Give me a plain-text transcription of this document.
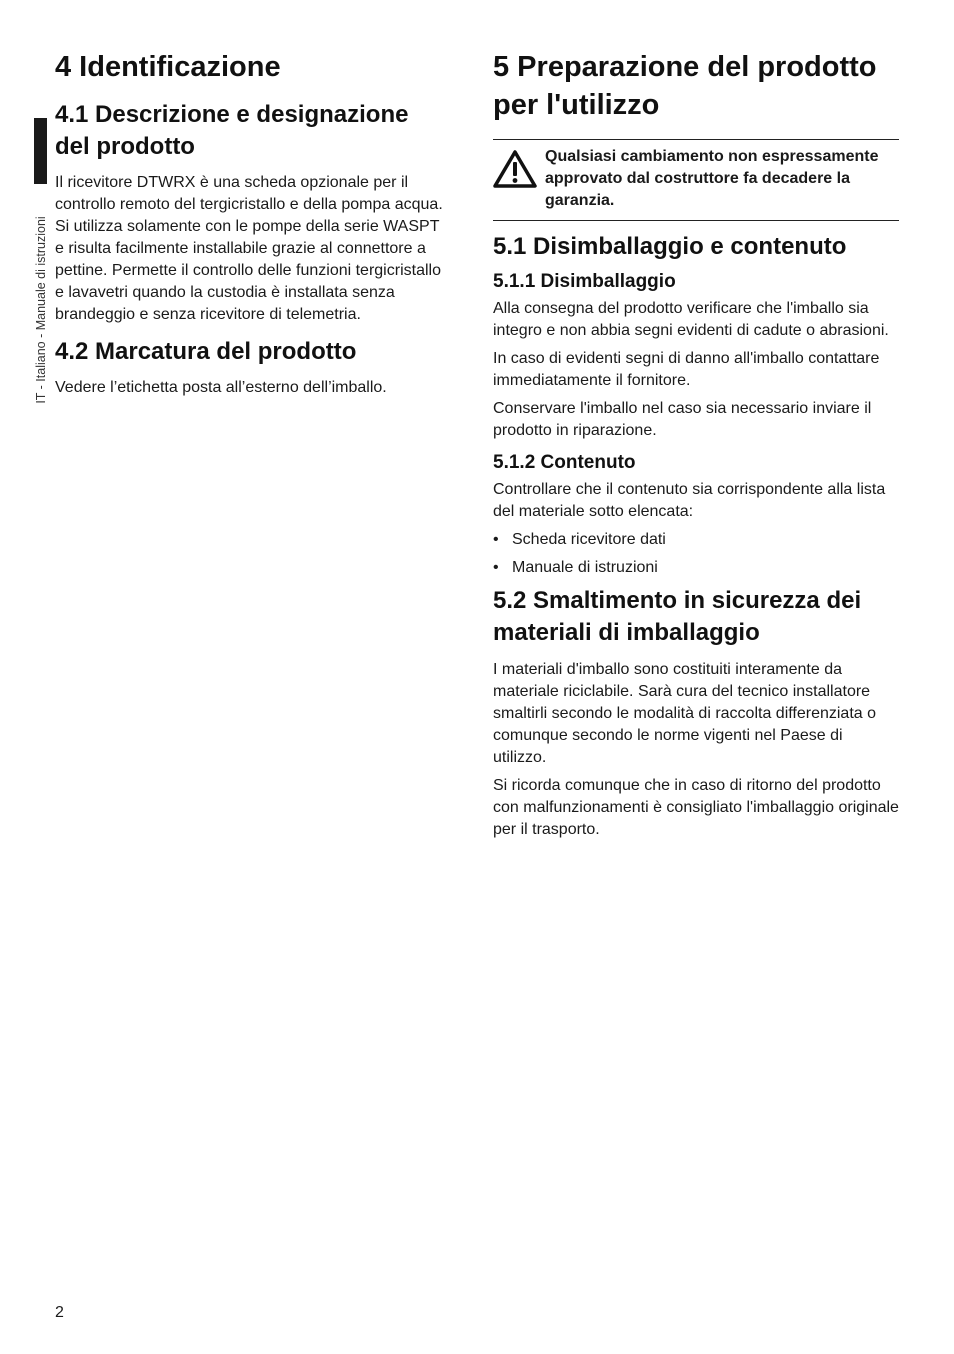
IT - Italiano - Manuale di istruzioni
4 Identificazione
4.1 Descrizione e designazione del prodotto

Il ricevitore DTWRX è una scheda opzionale per il controllo remoto del tergicristallo e della pompa acqua. Si utilizza solamente con le pompe della serie WASPT e risulta facilmente installabile grazie al connettore a pettine. Permette il controllo delle funzioni tergicristallo e lavavetri quando la custodia è installata senza brandeggio e senza ricevitore di telemetria.

4.2 Marcatura del prodotto

Vedere l’etichetta posta all’esterno dell’imballo.

5 Preparazione del prodotto per l'utilizzo
Qualsiasi cambiamento non espressamente approvato dal costruttore fa decadere la garanzia.
5.1 Disimballaggio e contenuto
5.1.1 Disimballaggio

Alla consegna del prodotto verificare che l'imballo sia integro e non abbia segni evidenti di cadute o abrasioni.

In caso di evidenti segni di danno all'imballo contattare immediatamente il fornitore.

Conservare l'imballo nel caso sia necessario inviare il prodotto in riparazione.

5.1.2 Contenuto

Controllare che il contenuto sia corrispondente alla lista del materiale sotto elencata:

• Scheda ricevitore dati
• Manuale di istruzioni
5.2 Smaltimento in sicurezza dei materiali di imballaggio

I materiali d'imballo sono costituiti interamente da materiale riciclabile. Sarà cura del tecnico installatore smaltirli secondo le modalità di raccolta differenziata o comunque secondo le norme vigenti nel Paese di utilizzo.

Si ricorda comunque che in caso di ritorno del prodotto con malfunzionamenti è consigliato l'imballaggio originale per il trasporto.

2
